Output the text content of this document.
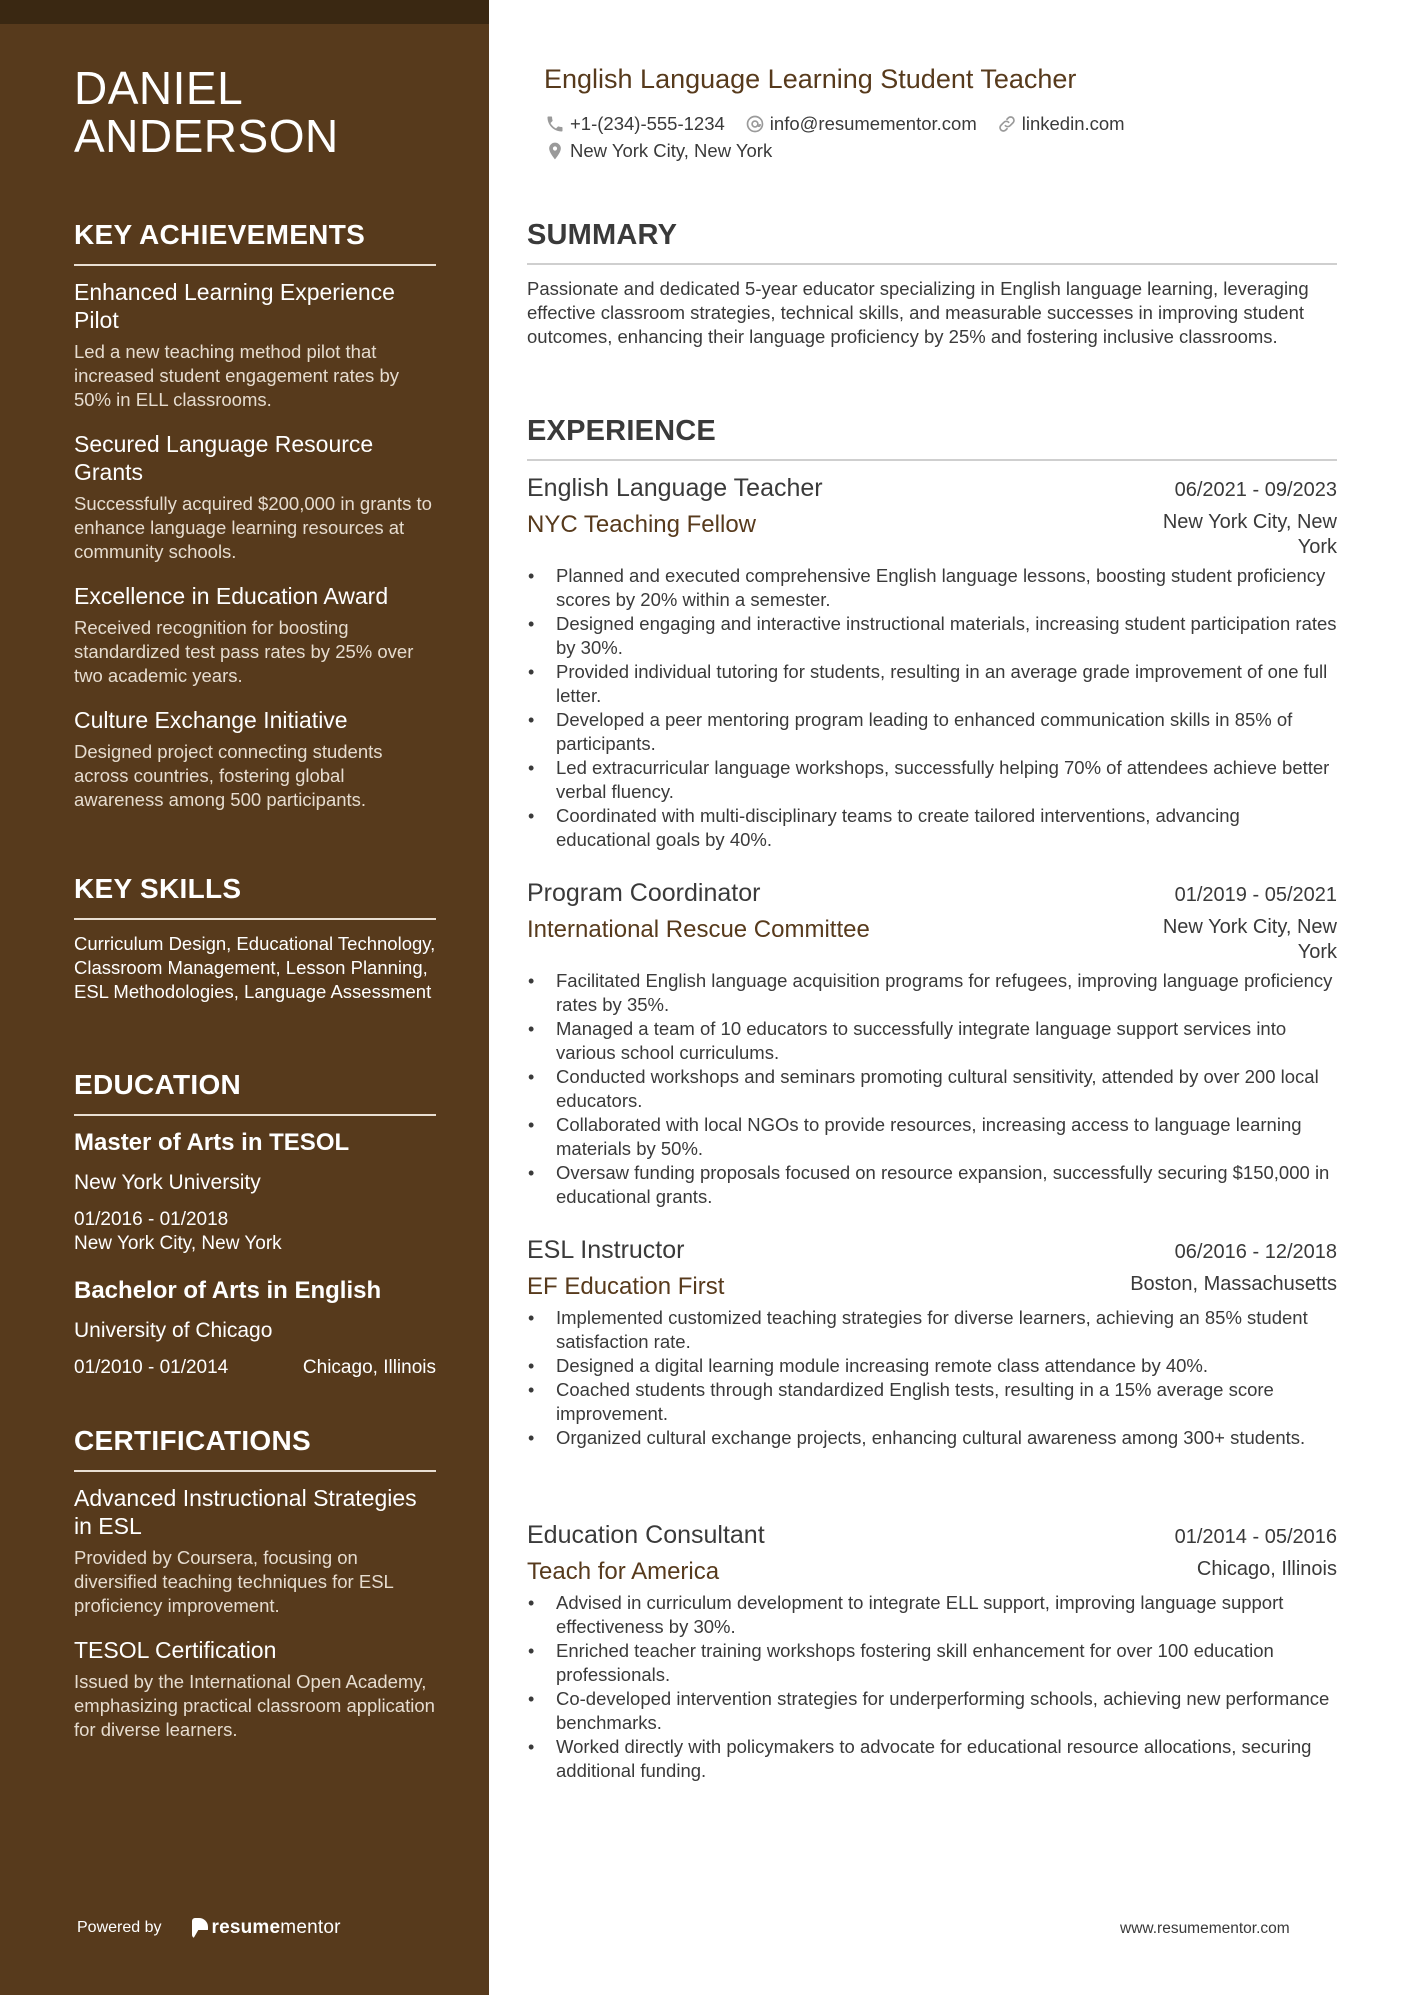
DANIEL ANDERSON
KEY ACHIEVEMENTS
Enhanced Learning Experience Pilot
Led a new teaching method pilot that increased student engagement rates by 50% in ELL classrooms.
Secured Language Resource Grants
Successfully acquired $200,000 in grants to enhance language learning resources at community schools.
Excellence in Education Award
Received recognition for boosting standardized test pass rates by 25% over two academic years.
Culture Exchange Initiative
Designed project connecting students across countries, fostering global awareness among 500 participants.
KEY SKILLS
Curriculum Design, Educational Technology, Classroom Management, Lesson Planning, ESL Methodologies, Language Assessment
EDUCATION
Master of Arts in TESOL
New York University
01/2016 - 01/2018
New York City, New York
Bachelor of Arts in English
University of Chicago
01/2010 - 01/2014	Chicago, Illinois
CERTIFICATIONS
Advanced Instructional Strategies in ESL
Provided by Coursera, focusing on diversified teaching techniques for ESL proficiency improvement.
TESOL Certification
Issued by the International Open Academy, emphasizing practical classroom application for diverse learners.
Powered by	resume mentor
English Language Learning Student Teacher
+1-(234)-555-1234 info@resumementor.com linkedin.com
New York City, New York
SUMMARY

Passionate and dedicated 5-year educator specializing in English language learning, leveraging effective classroom strategies, technical skills, and measurable successes in improving student outcomes, enhancing their language proficiency by 25% and fostering inclusive classrooms.

EXPERIENCE
English Language Teacher	06/2021 - 09/2023
NYC Teaching Fellow	New York City, New York
• Planned and executed comprehensive English language lessons, boosting student proficiency scores by 20% within a semester.
• Designed engaging and interactive instructional materials, increasing student participation rates by 30%.
• Provided individual tutoring for students, resulting in an average grade improvement of one full letter.
• Developed a peer mentoring program leading to enhanced communication skills in 85% of participants.
• Led extracurricular language workshops, successfully helping 70% of attendees achieve better verbal fluency.
• Coordinated with multi-disciplinary teams to create tailored interventions, advancing educational goals by 40%.
Program Coordinator	01/2019 - 05/2021
International Rescue Committee	New York City, New York
• Facilitated English language acquisition programs for refugees, improving language proficiency rates by 35%.
• Managed a team of 10 educators to successfully integrate language support services into various school curriculums.
• Conducted workshops and seminars promoting cultural sensitivity, attended by over 200 local educators.
• Collaborated with local NGOs to provide resources, increasing access to language learning materials by 50%.
• Oversaw funding proposals focused on resource expansion, successfully securing $150,000 in educational grants.
ESL Instructor	06/2016 - 12/2018
EF Education First	Boston, Massachusetts
• Implemented customized teaching strategies for diverse learners, achieving an 85% student satisfaction rate.
• Designed a digital learning module increasing remote class attendance by 40%.
• Coached students through standardized English tests, resulting in a 15% average score improvement.
• Organized cultural exchange projects, enhancing cultural awareness among 300+ students.
Education Consultant	01/2014 - 05/2016
Teach for America	Chicago, Illinois
• Advised in curriculum development to integrate ELL support, improving language support effectiveness by 30%.
• Enriched teacher training workshops fostering skill enhancement for over 100 education professionals.
• Co-developed intervention strategies for underperforming schools, achieving new performance benchmarks.
• Worked directly with policymakers to advocate for educational resource allocations, securing additional funding.
www.resumementor.com
